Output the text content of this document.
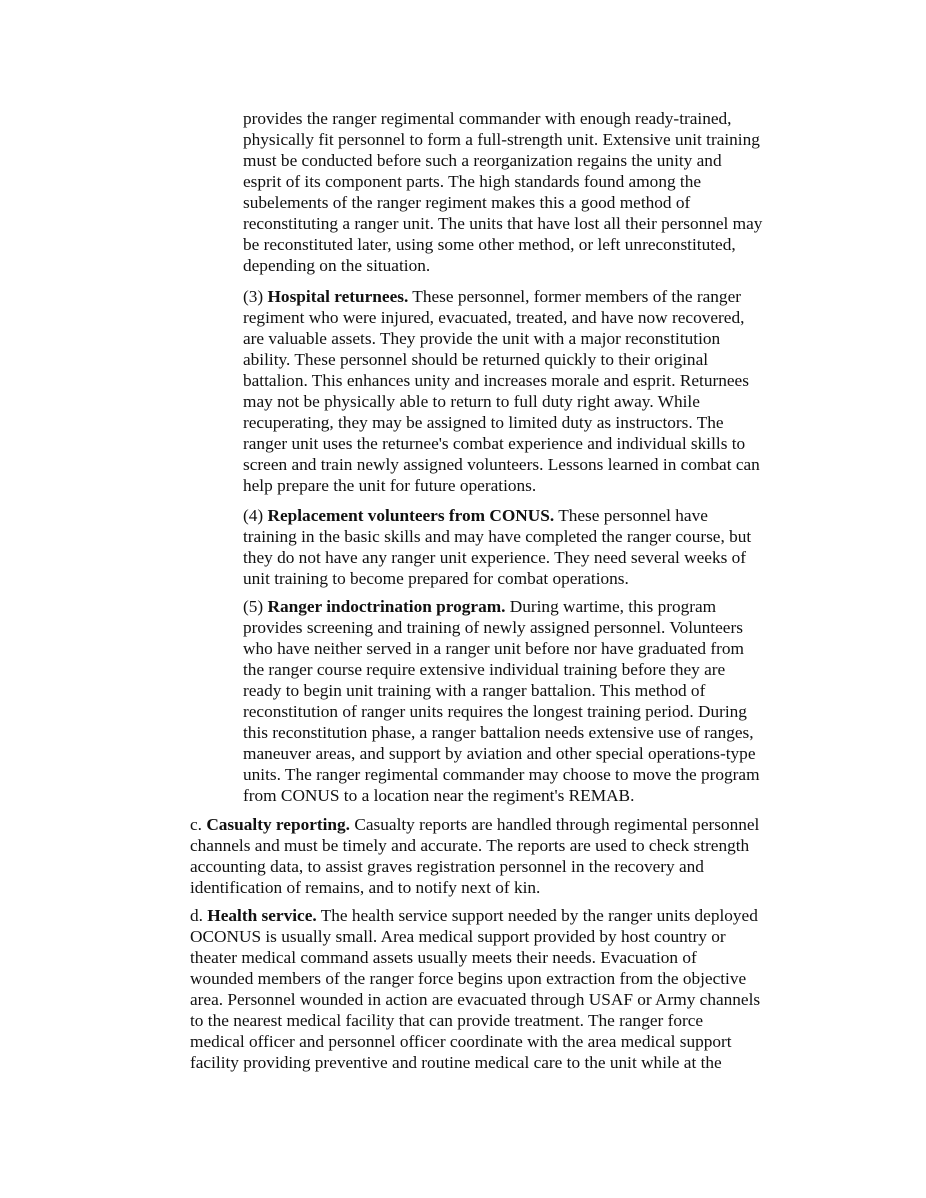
provides the ranger regimental commander with enough ready-trained,
physically fit personnel to form a full-strength unit. Extensive unit training
must be conducted before such a reorganization regains the unity and
esprit of its component parts. The high standards found among the
subelements of the ranger regiment makes this a good method of
reconstituting a ranger unit. The units that have lost all their personnel may
be reconstituted later, using some other method, or left unreconstituted,
depending on the situation.
(3) Hospital returnees. These personnel, former members of the ranger
regiment who were injured, evacuated, treated, and have now recovered,
are valuable assets. They provide the unit with a major reconstitution
ability. These personnel should be returned quickly to their original
battalion. This enhances unity and increases morale and esprit. Returnees
may not be physically able to return to full duty right away. While
recuperating, they may be assigned to limited duty as instructors. The
ranger unit uses the returnee's combat experience and individual skills to
screen and train newly assigned volunteers. Lessons learned in combat can
help prepare the unit for future operations.
(4) Replacement volunteers from CONUS. These personnel have
training in the basic skills and may have completed the ranger course, but
they do not have any ranger unit experience. They need several weeks of
unit training to become prepared for combat operations.
(5) Ranger indoctrination program. During wartime, this program
provides screening and training of newly assigned personnel. Volunteers
who have neither served in a ranger unit before nor have graduated from
the ranger course require extensive individual training before they are
ready to begin unit training with a ranger battalion. This method of
reconstitution of ranger units requires the longest training period. During
this reconstitution phase, a ranger battalion needs extensive use of ranges,
maneuver areas, and support by aviation and other special operations-type
units. The ranger regimental commander may choose to move the program
from CONUS to a location near the regiment's REMAB.
c. Casualty reporting. Casualty reports are handled through regimental personnel
channels and must be timely and accurate. The reports are used to check strength
accounting data, to assist graves registration personnel in the recovery and
identification of remains, and to notify next of kin.
d. Health service. The health service support needed by the ranger units deployed
OCONUS is usually small. Area medical support provided by host country or
theater medical command assets usually meets their needs. Evacuation of
wounded members of the ranger force begins upon extraction from the objective
area. Personnel wounded in action are evacuated through USAF or Army channels
to the nearest medical facility that can provide treatment. The ranger force
medical officer and personnel officer coordinate with the area medical support
facility providing preventive and routine medical care to the unit while at the
